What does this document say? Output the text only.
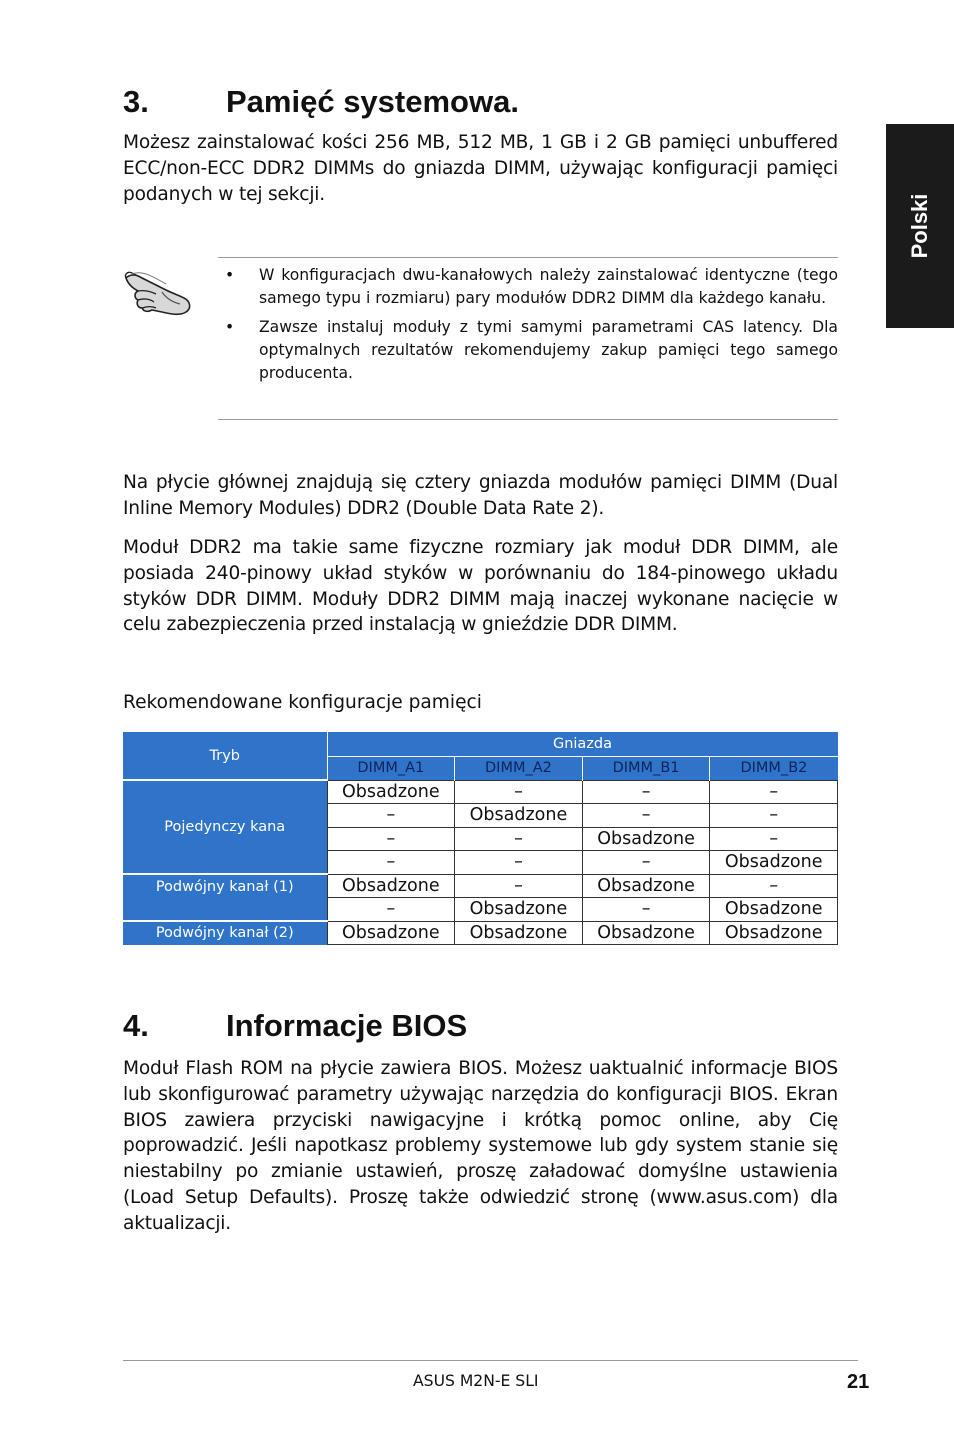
Polski
3. Pamięć systemowa.

Możesz zainstalować kości 256 MB, 512 MB, 1 GB i 2 GB pamięci unbuffered ECC/non-ECC DDR2 DIMMs do gniazda DIMM, używając konfiguracji pamięci podanych w tej sekcji.

• W konfiguracjach dwu-kanałowych należy zainstalować identyczne (tego samego typu i rozmiaru) pary modułów DDR2 DIMM dla każdego kanału.
• Zawsze instaluj moduły z tymi samymi parametrami CAS latency. Dla optymalnych rezultatów rekomendujemy zakup pamięci tego samego producenta.

Na płycie głównej znajdują się cztery gniazda modułów pamięci DIMM (Dual Inline Memory Modules) DDR2 (Double Data Rate 2).

Moduł DDR2 ma takie same fizyczne rozmiary jak moduł DDR DIMM, ale posiada 240-pinowy układ styków w porównaniu do 184-pinowego układu styków DDR DIMM. Moduły DDR2 DIMM mają inaczej wykonane nacięcie w celu zabezpieczenia przed instalacją w gnieździe DDR DIMM.

Rekomendowane konfiguracje pamięci

Tryb	Gniazda			
	DIMM_A1	DIMM_A2	DIMM_B1	DIMM_B2
Pojedynczy kana	Obsadzone	–	–	–
	–	Obsadzone	–	–
	–	–	Obsadzone	–
	–	–	–	Obsadzone
Podwójny kanał (1)	Obsadzone	–	Obsadzone	–
	–	Obsadzone	–	Obsadzone
Podwójny kanał (2)	Obsadzone	Obsadzone	Obsadzone	Obsadzone
4. Informacje BIOS

Moduł Flash ROM na płycie zawiera BIOS. Możesz uaktualnić informacje BIOS lub skonfigurować parametry używając narzędzia do konfiguracji BIOS. Ekran BIOS zawiera przyciski nawigacyjne i krótką pomoc online, aby Cię poprowadzić. Jeśli napotkasz problemy systemowe lub gdy system stanie się niestabilny po zmianie ustawień, proszę załadować domyślne ustawienia (Load Setup Defaults). Proszę także odwiedzić stronę (www.asus.com) dla aktualizacji.

ASUS M2N-E SLI	21
